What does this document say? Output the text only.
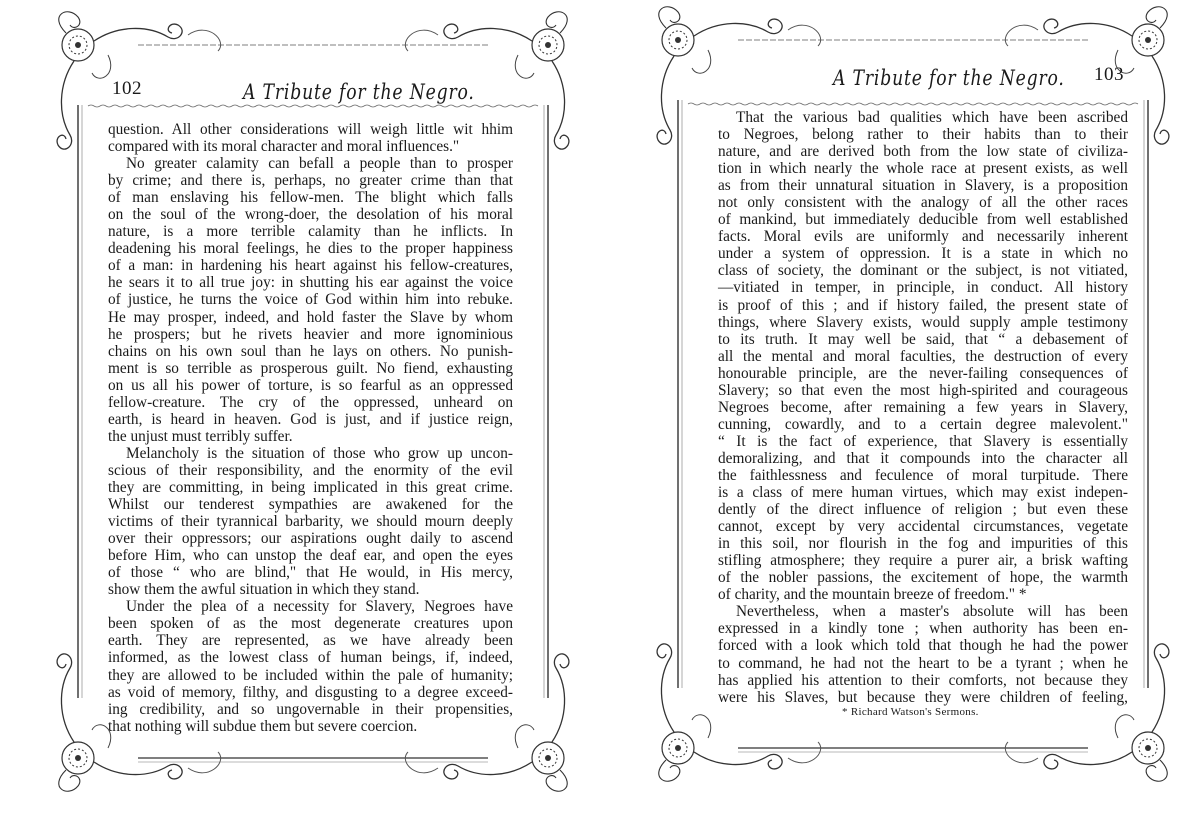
102	A Tribute for the Negro.
question. All other considerations will weigh little wit hhim
compared with its moral character and moral influences."
No greater calamity can befall a people than to prosper
by crime; and there is, perhaps, no greater crime than that
of man enslaving his fellow-men. The blight which falls
on the soul of the wrong-doer, the desolation of his moral
nature, is a more terrible calamity than he inflicts. In
deadening his moral feelings, he dies to the proper happiness
of a man: in hardening his heart against his fellow-creatures,
he sears it to all true joy: in shutting his ear against the voice
of justice, he turns the voice of God within him into rebuke.
He may prosper, indeed, and hold faster the Slave by whom
he prospers; but he rivets heavier and more ignominious
chains on his own soul than he lays on others. No punish-
ment is so terrible as prosperous guilt. No fiend, exhausting
on us all his power of torture, is so fearful as an oppressed
fellow-creature. The cry of the oppressed, unheard on
earth, is heard in heaven. God is just, and if justice reign,
the unjust must terribly suffer.
Melancholy is the situation of those who grow up uncon-
scious of their responsibility, and the enormity of the evil
they are committing, in being implicated in this great crime.
Whilst our tenderest sympathies are awakened for the
victims of their tyrannical barbarity, we should mourn deeply
over their oppressors; our aspirations ought daily to ascend
before Him, who can unstop the deaf ear, and open the eyes
of those “ who are blind," that He would, in His mercy,
show them the awful situation in which they stand.
Under the plea of a necessity for Slavery, Negroes have
been spoken of as the most degenerate creatures upon
earth. They are represented, as we have already been
informed, as the lowest class of human beings, if, indeed,
they are allowed to be included within the pale of humanity;
as void of memory, filthy, and disgusting to a degree exceed-
ing credibility, and so ungovernable in their propensities,
that nothing will subdue them but severe coercion.
A Tribute for the Negro. 103
That the various bad qualities which have been ascribed
to Negroes, belong rather to their habits than to their
nature, and are derived both from the low state of civiliza-
tion in which nearly the whole race at present exists, as well
as from their unnatural situation in Slavery, is a proposition
not only consistent with the analogy of all the other races
of mankind, but immediately deducible from well established
facts. Moral evils are uniformly and necessarily inherent
under a system of oppression. It is a state in which no
class of society, the dominant or the subject, is not vitiated,
—vitiated in temper, in principle, in conduct. All history
is proof of this ; and if history failed, the present state of
things, where Slavery exists, would supply ample testimony
to its truth. It may well be said, that “ a debasement of
all the mental and moral faculties, the destruction of every
honourable principle, are the never-failing consequences of
Slavery; so that even the most high-spirited and courageous
Negroes become, after remaining a few years in Slavery,
cunning, cowardly, and to a certain degree malevolent."
“ It is the fact of experience, that Slavery is essentially
demoralizing, and that it compounds into the character all
the faithlessness and feculence of moral turpitude. There
is a class of mere human virtues, which may exist indepen-
dently of the direct influence of religion ; but even these
cannot, except by very accidental circumstances, vegetate
in this soil, nor flourish in the fog and impurities of this
stifling atmosphere; they require a purer air, a brisk wafting
of the nobler passions, the excitement of hope, the warmth
of charity, and the mountain breeze of freedom." *
Nevertheless, when a master's absolute will has been
expressed in a kindly tone ; when authority has been en-
forced with a look which told that though he had the power
to command, he had not the heart to be a tyrant ; when he
has applied his attention to their comforts, not because they
were his Slaves, but because they were children of feeling,
* Richard Watson's Sermons.
